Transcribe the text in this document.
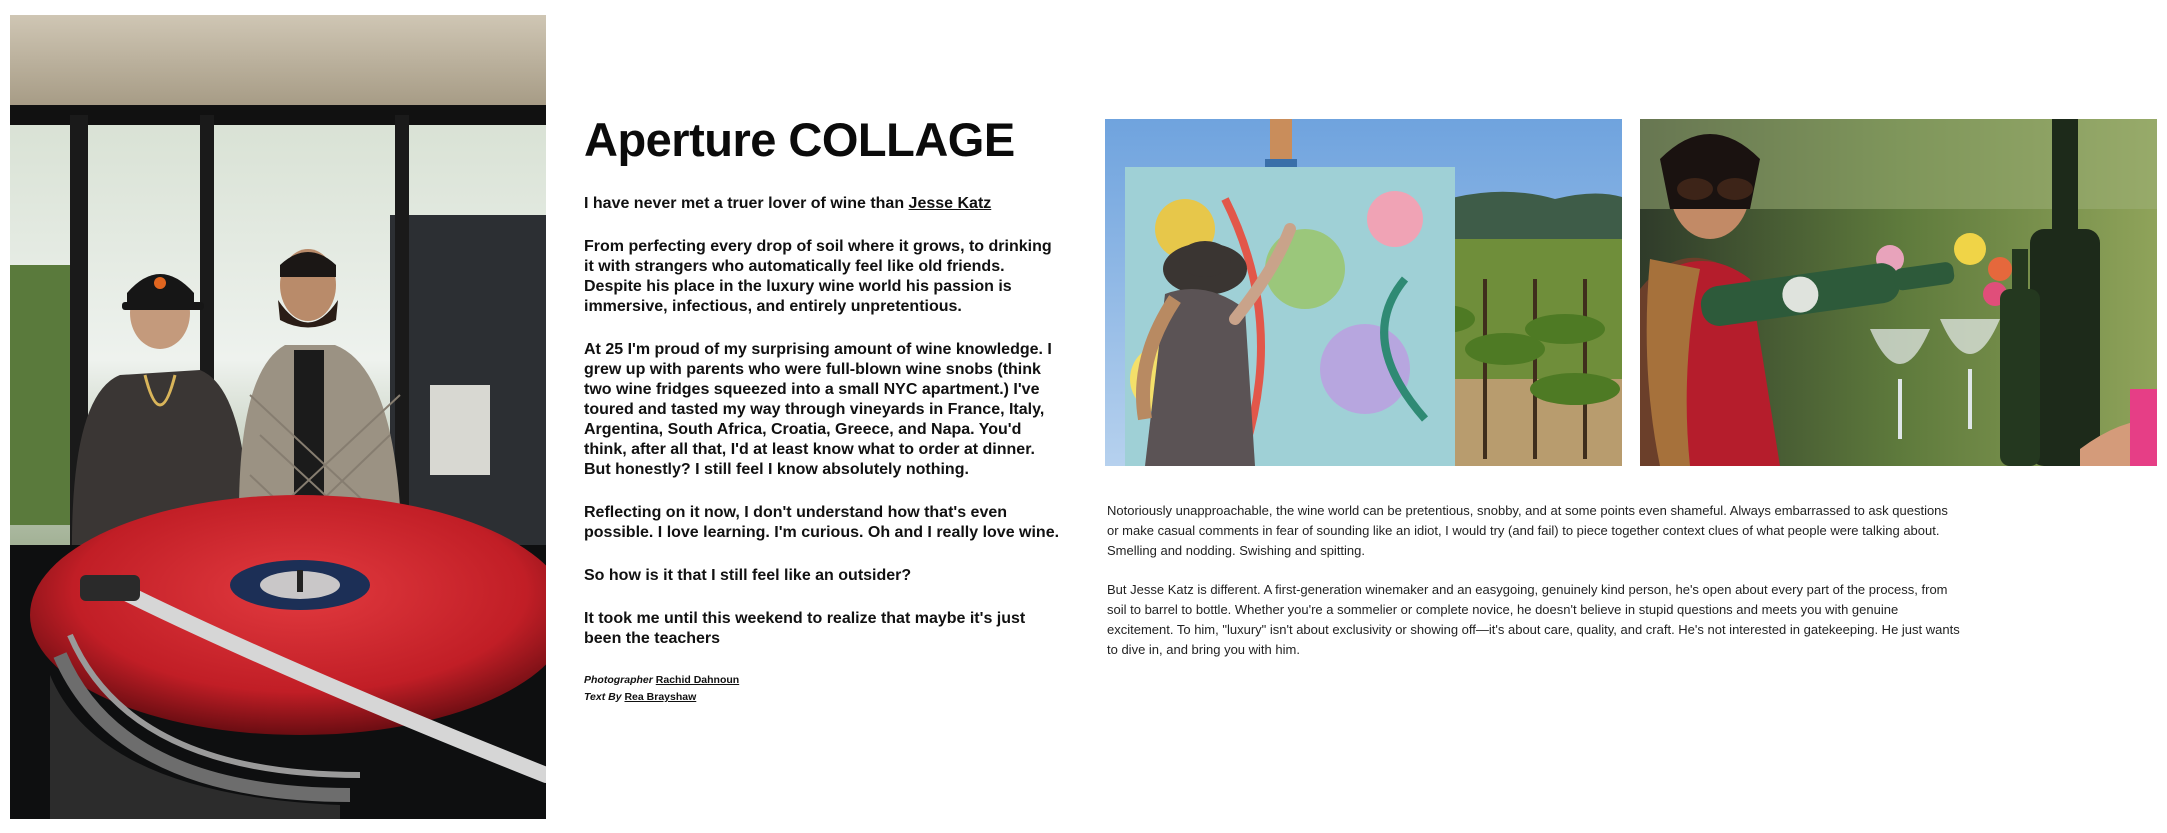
Aperture COLLAGE

I have never met a truer lover of wine than Jesse Katz

From perfecting every drop of soil where it grows, to drinking it with strangers who automatically feel like old friends. Despite his place in the luxury wine world his passion is immersive, infectious, and entirely unpretentious.

At 25 I'm proud of my surprising amount of wine knowledge. I grew up with parents who were full-blown wine snobs (think two wine fridges squeezed into a small NYC apartment.) I've toured and tasted my way through vineyards in France, Italy, Argentina, South Africa, Croatia, Greece, and Napa. You'd think, after all that, I'd at least know what to order at dinner. But honestly? I still feel I know absolutely nothing.

Reflecting on it now, I don't understand how that's even possible. I love learning. I'm curious. Oh and I really love wine.

So how is it that I still feel like an outsider?

It took me until this weekend to realize that maybe it's just been the teachers

Photographer Rachid Dahnoun
Text By Rea Brayshaw

Notoriously unapproachable, the wine world can be pretentious, snobby, and at some points even shameful. Always embarrassed to ask questions or make casual comments in fear of sounding like an idiot, I would try (and fail) to piece together context clues of what people were talking about. Smelling and nodding. Swishing and spitting.

But Jesse Katz is different. A first-generation winemaker and an easygoing, genuinely kind person, he's open about every part of the process, from soil to barrel to bottle. Whether you're a sommelier or complete novice, he doesn't believe in stupid questions and meets you with genuine excitement. To him, "luxury" isn't about exclusivity or showing off—it's about care, quality, and craft. He's not interested in gatekeeping. He just wants to dive in, and bring you with him.
